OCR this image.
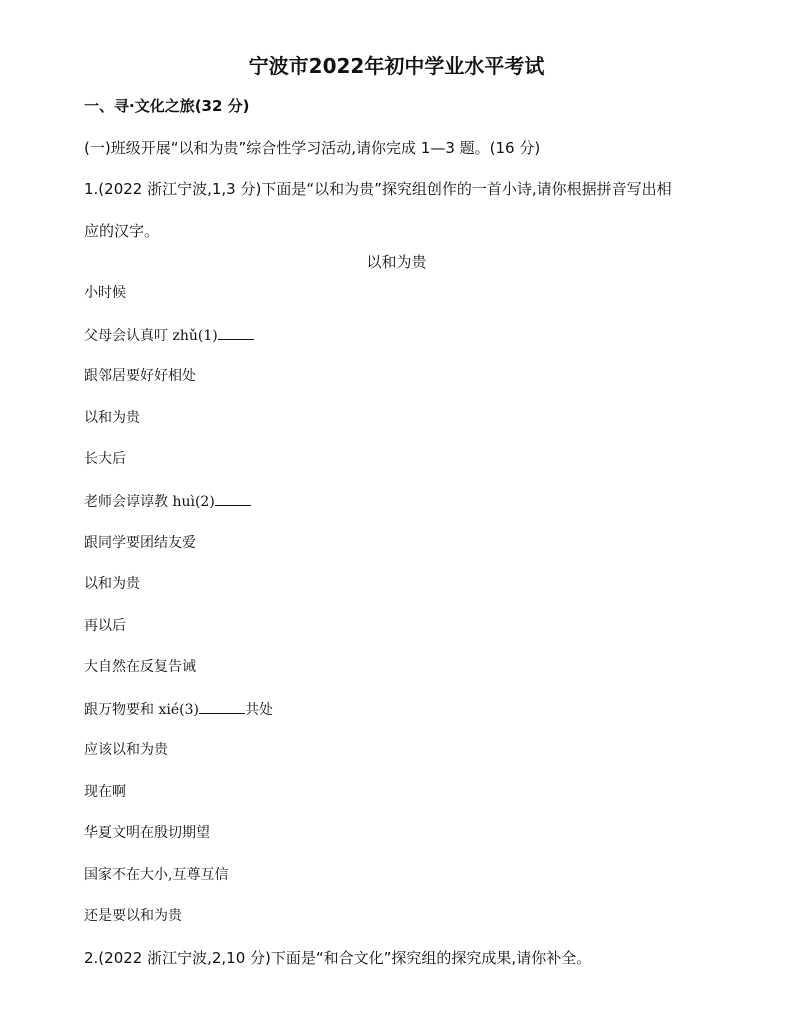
宁波市2022年初中学业水平考试
一、寻·文化之旅(32 分)
(一)班级开展“以和为贵”综合性学习活动,请你完成 1—3 题。(16 分)
1.(2022 浙江宁波,1,3 分)下面是“以和为贵”探究组创作的一首小诗,请你根据拼音写出相
应的汉字。
以和为贵
小时候
父母会认真叮 zhǔ(1)
跟邻居要好好相处
以和为贵
长大后
老师会谆谆教 huì(2)
跟同学要团结友爱
以和为贵
再以后
大自然在反复告诫
跟万物要和 xié(3)	共处
应该以和为贵
现在啊
华夏文明在殷切期望
国家不在大小,互尊互信
还是要以和为贵
2.(2022 浙江宁波,2,10 分)下面是“和合文化”探究组的探究成果,请你补全。
